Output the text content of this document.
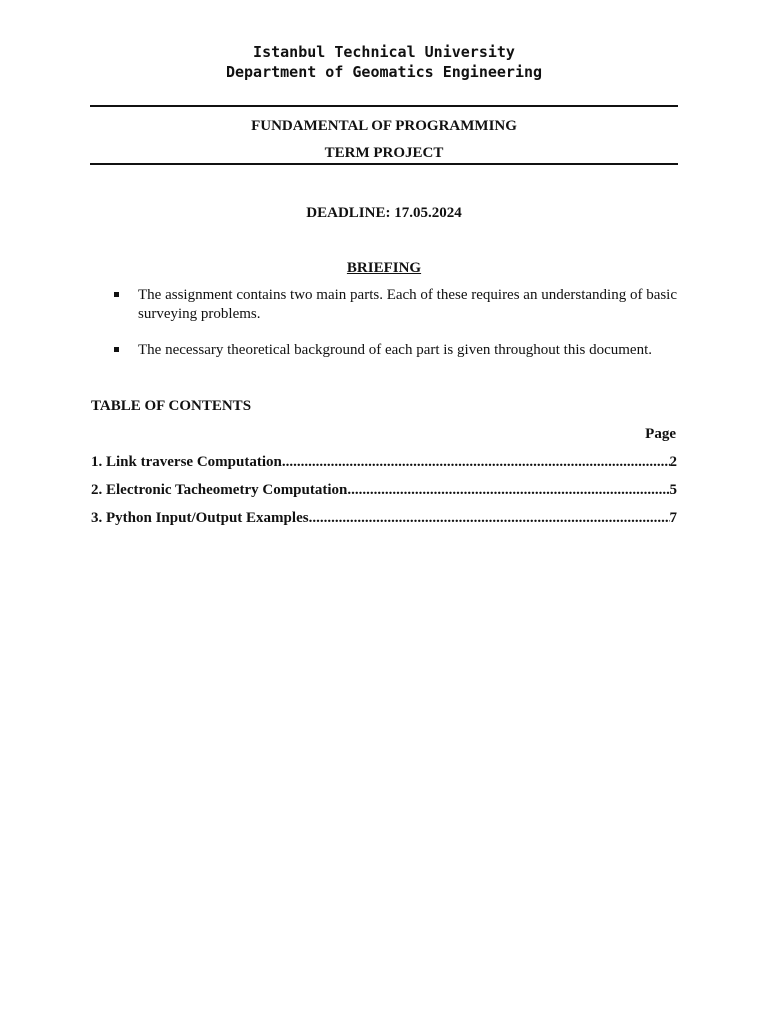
Istanbul Technical University
Department of Geomatics Engineering
FUNDAMENTAL OF PROGRAMMING
TERM PROJECT
DEADLINE: 17.05.2024
BRIEFING
The assignment contains two main parts. Each of these requires an understanding of basic surveying problems.
The necessary theoretical background of each part is given throughout this document.
TABLE OF CONTENTS
Page
1. Link traverse Computation .....	2
2. Electronic Tacheometry Computation .....	5
3. Python Input/Output Examples .....	7
